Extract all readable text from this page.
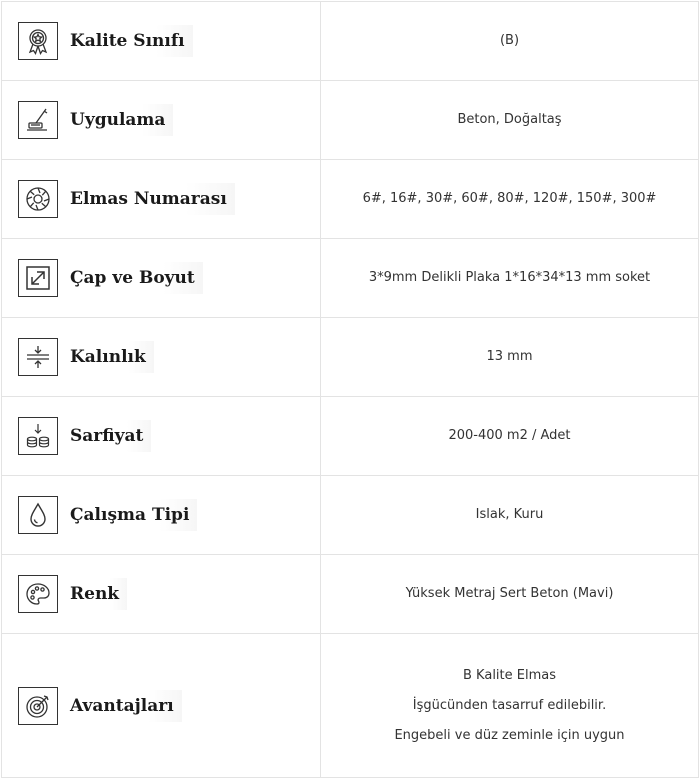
Kalite Sınıfı	(B)

Uygulama	Beton, Doğaltaş

Elmas Numarası	6#, 16#, 30#, 60#, 80#, 120#, 150#, 300#

Çap ve Boyut	3*9mm Delikli Plaka 1*16*34*13 mm soket

Kalınlık	13 mm

Sarfiyat	200-400 m2 / Adet

Çalışma Tipi	Islak, Kuru

Renk	Yüksek Metraj Sert Beton (Mavi)

Avantajları	B Kalite Elmas
İşgücünden tasarruf edilebilir.
Engebeli ve düz zeminle için uygun
